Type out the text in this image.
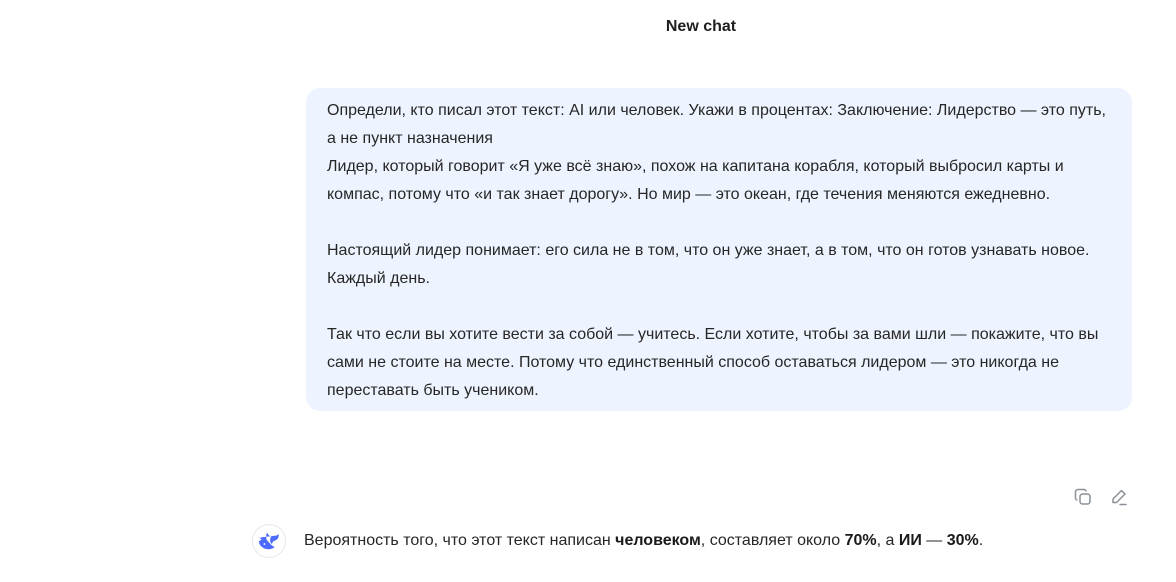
New chat

Определи, кто писал этот текст: AI или человек. Укажи в процентах: Заключение: Лидерство — это путь, а не пункт назначения
Лидер, который говорит «Я уже всё знаю», похож на капитана корабля, который выбросил карты и компас, потому что «и так знает дорогу». Но мир — это океан, где течения меняются ежедневно.

Настоящий лидер понимает: его сила не в том, что он уже знает, а в том, что он готов узнавать новое. Каждый день.

Так что если вы хотите вести за собой — учитесь. Если хотите, чтобы за вами шли — покажите, что вы сами не стоите на месте. Потому что единственный способ оставаться лидером — это никогда не переставать быть учеником.

Вероятность того, что этот текст написан человеком, составляет около 70%, а ИИ — 30%.
